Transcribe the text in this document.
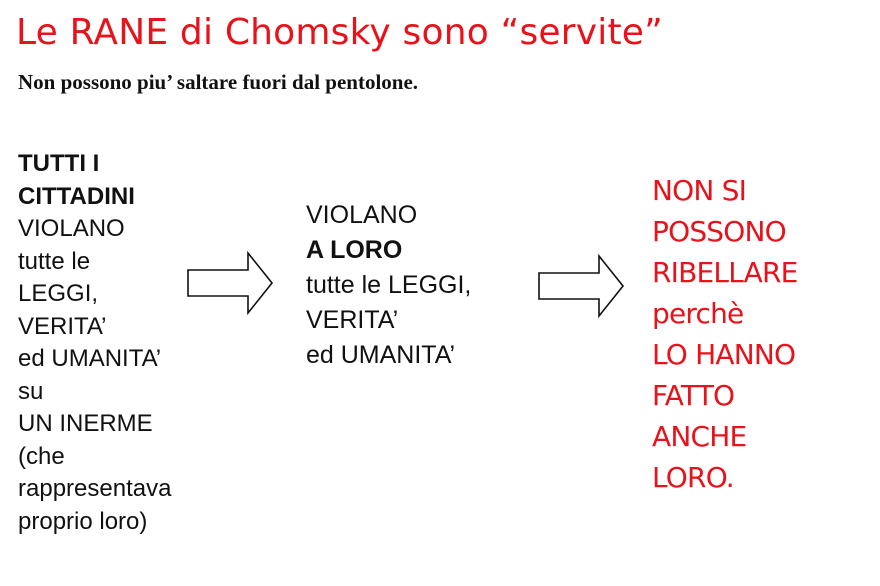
Le RANE di Chomsky sono “servite”
Non possono piu’ saltare fuori dal pentolone.
TUTTI I
CITTADINI
VIOLANO
tutte le
LEGGI,
VERITA’
ed UMANITA’
su
UN INERME
(che
rappresentava
proprio loro)
VIOLANO
A LORO
tutte le LEGGI,
VERITA’
ed UMANITA’
NON SI
POSSONO
RIBELLARE
perchè
LO HANNO
FATTO
ANCHE
LORO.
